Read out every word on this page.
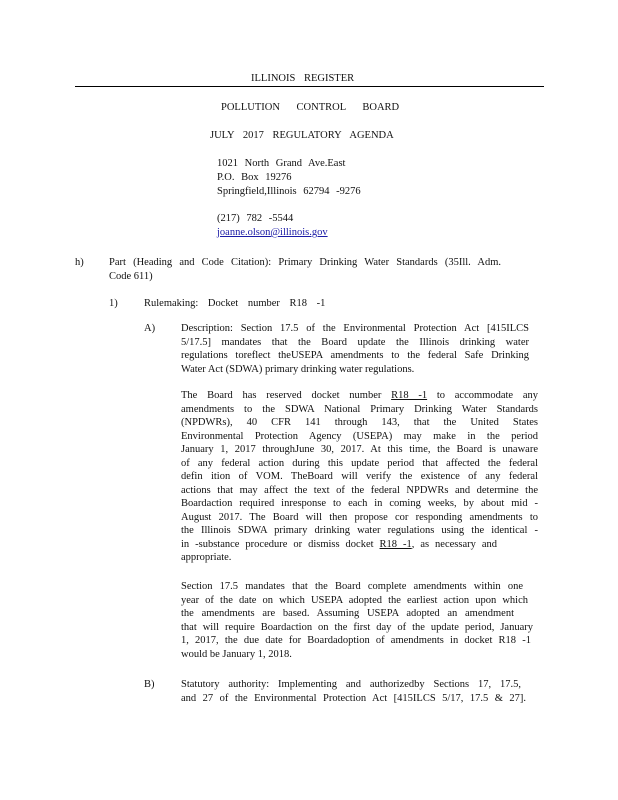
ILLINOIS REGISTER
POLLUTION CONTROL BOARD
JULY 2017 REGULATORY AGENDA
1021 North Grand Ave.East
P.O. Box 19276
Springfield,Illinois 62794 -9276
(217) 782 -5544
joanne.olson@illinois.gov
h) Part (Heading and Code Citation): Primary Drinking Water Standards (35Ill. Adm.
Code 611)
1)	Rulemaking: Docket number R18 -1
A) Description: Section 17.5 of the Environmental Protection Act [415ILCS
5/17.5] mandates that the Board update the Illinois drinking water
regulations toreflect theUSEPA amendments to the federal Safe Drinking
Water Act (SDWA) primary drinking water regulations.
The Board has reserved docket number R18 -1 to accommodate any
amendments to the SDWA National Primary Drinking Water Standards
(NPDWRs), 40 CFR 141 through 143, that the United States
Environmental Protection Agency (USEPA) may make in the period
January 1, 2017 throughJune 30, 2017. At this time, the Board is unaware
of any federal action during this update period that affected the federal
defin ition of VOM. TheBoard will verify the existence of any federal
actions that may affect the text of the federal NPDWRs and determine the
Boardaction required inresponse to each in coming weeks, by about mid -
August 2017. The Board will then propose cor responding amendments to
the Illinois SDWA primary drinking water regulations using the identical -
in -substance procedure or dismiss docket R18 -1, as necessary and
appropriate.
Section 17.5 mandates that the Board complete amendments within one
year of the date on which USEPA adopted the earliest action upon which
the amendments are based. Assuming USEPA adopted an amendment
that will require Boardaction on the first day of the update period, January
1, 2017, the due date for Boardadoption of amendments in docket R18 -1
would be January 1, 2018.
B)	Statutory authority: Implementing and authorizedby Sections 17, 17.5,
and 27 of the Environmental Protection Act [415ILCS 5/17, 17.5 & 27].
